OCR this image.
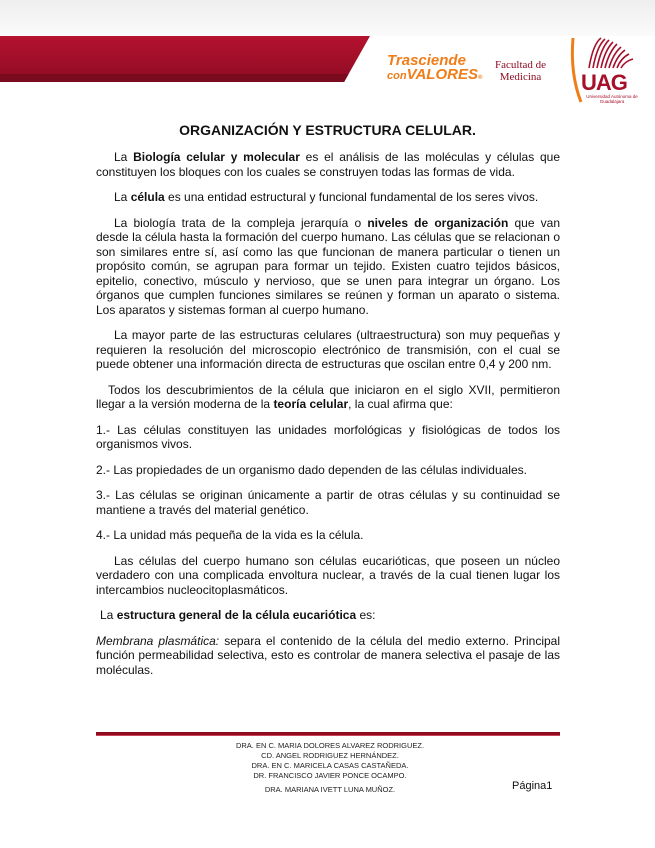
Trasciende
conVALORES®
Facultad de
Medicina UAG
Universidad Autónoma de Guadalajara
ORGANIZACIÓN Y ESTRUCTURA CELULAR.

La Biología celular y molecular es el análisis de las moléculas y células que constituyen los bloques con los cuales se construyen todas las formas de vida.

La célula es una entidad estructural y funcional fundamental de los seres vivos.

La biología trata de la compleja jerarquía o niveles de organización que van desde la célula hasta la formación del cuerpo humano. Las células que se relacionan o son similares entre sí, así como las que funcionan de manera particular o tienen un propósito común, se agrupan para formar un tejido. Existen cuatro tejidos básicos, epitelio, conectivo, músculo y nervioso, que se unen para integrar un órgano. Los órganos que cumplen funciones similares se reúnen y forman un aparato o sistema. Los aparatos y sistemas forman al cuerpo humano.

La mayor parte de las estructuras celulares (ultraestructura) son muy pequeñas y requieren la resolución del microscopio electrónico de transmisión, con el cual se puede obtener una información directa de estructuras que oscilan entre 0,4 y 200 nm.

Todos los descubrimientos de la célula que iniciaron en el siglo XVII, permitieron llegar a la versión moderna de la teoría celular, la cual afirma que:

1.- Las células constituyen las unidades morfológicas y fisiológicas de todos los organismos vivos.

2.- Las propiedades de un organismo dado dependen de las células individuales.

3.- Las células se originan únicamente a partir de otras células y su continuidad se mantiene a través del material genético.

4.- La unidad más pequeña de la vida es la célula.

Las células del cuerpo humano son células eucarióticas, que poseen un núcleo verdadero con una complicada envoltura nuclear, a través de la cual tienen lugar los intercambios nucleocitoplasmáticos.

La estructura general de la célula eucariótica es:

Membrana plasmática: separa el contenido de la célula del medio externo. Principal función permeabilidad selectiva, esto es controlar de manera selectiva el pasaje de las moléculas.

DRA. EN C. MARIA DOLORES ALVAREZ RODRIGUEZ.
CD. ANGEL RODRIGUEZ HERNÁNDEZ.
DRA. EN C. MARICELA CASAS CASTAÑEDA.
DR. FRANCISCO JAVIER PONCE OCAMPO.
DRA. MARIANA IVETT LUNA MUÑOZ.	Página1
